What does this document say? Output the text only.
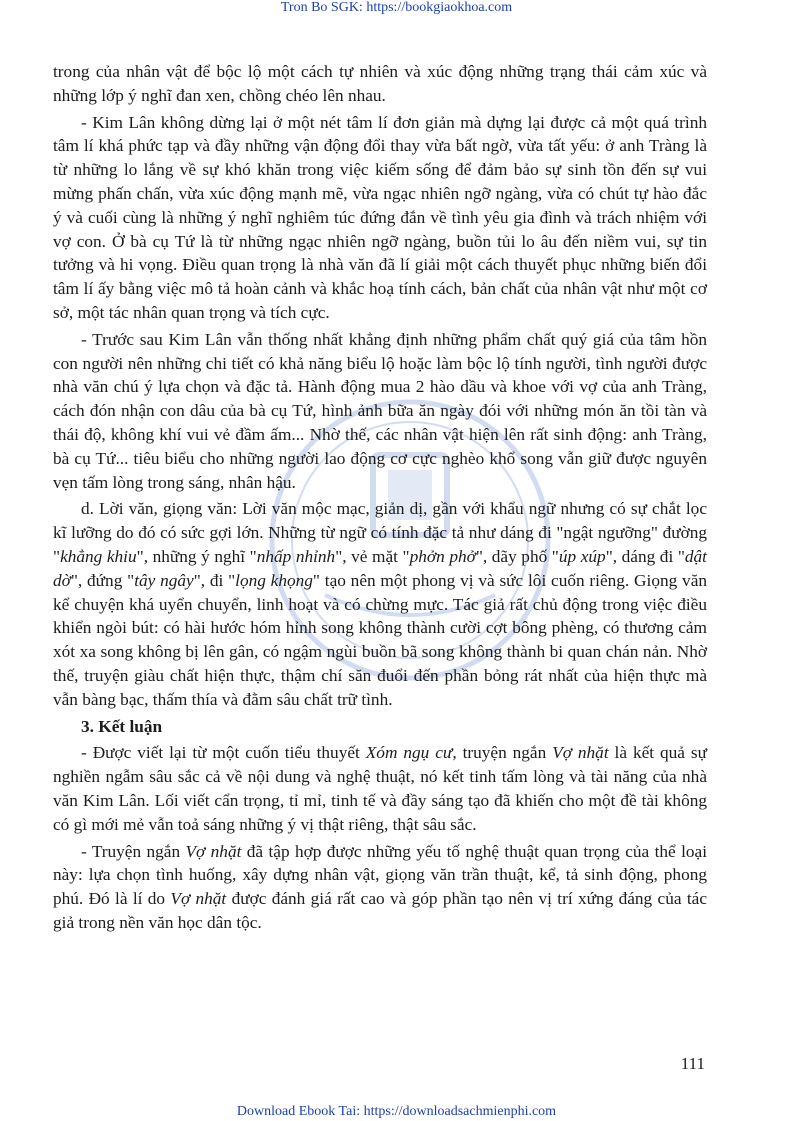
Tron Bo SGK: https://bookgiaokhoa.com

trong của nhân vật để bộc lộ một cách tự nhiên và xúc động những trạng thái cảm xúc và những lớp ý nghĩ đan xen, chồng chéo lên nhau.

- Kim Lân không dừng lại ở một nét tâm lí đơn giản mà dựng lại được cả một quá trình tâm lí khá phức tạp và đầy những vận động đổi thay vừa bất ngờ, vừa tất yếu: ở anh Tràng là từ những lo lắng về sự khó khăn trong việc kiếm sống để đảm bảo sự sinh tồn đến sự vui mừng phấn chấn, vừa xúc động mạnh mẽ, vừa ngạc nhiên ngỡ ngàng, vừa có chút tự hào đắc ý và cuối cùng là những ý nghĩ nghiêm túc đứng đắn về tình yêu gia đình và trách nhiệm với vợ con. Ở bà cụ Tứ là từ những ngạc nhiên ngỡ ngàng, buồn tủi lo âu đến niềm vui, sự tin tưởng và hi vọng. Điều quan trọng là nhà văn đã lí giải một cách thuyết phục những biến đổi tâm lí ấy bằng việc mô tả hoàn cảnh và khắc hoạ tính cách, bản chất của nhân vật như một cơ sở, một tác nhân quan trọng và tích cực.

- Trước sau Kim Lân vẫn thống nhất khẳng định những phẩm chất quý giá của tâm hồn con người nên những chi tiết có khả năng biểu lộ hoặc làm bộc lộ tính người, tình người được nhà văn chú ý lựa chọn và đặc tả. Hành động mua 2 hào dầu và khoe với vợ của anh Tràng, cách đón nhận con dâu của bà cụ Tứ, hình ảnh bữa ăn ngày đói với những món ăn tồi tàn và thái độ, không khí vui vẻ đầm ấm... Nhờ thế, các nhân vật hiện lên rất sinh động: anh Tràng, bà cụ Tứ... tiêu biểu cho những người lao động cơ cực nghèo khổ song vẫn giữ được nguyên vẹn tấm lòng trong sáng, nhân hậu.

d. Lời văn, giọng văn: Lời văn mộc mạc, giản dị, gần với khẩu ngữ nhưng có sự chắt lọc kĩ lưỡng do đó có sức gợi lớn. Những từ ngữ có tính đặc tả như dáng đi "ngật ngưỡng" đường "khẳng khiu", những ý nghĩ "nhấp nhỉnh", vẻ mặt "phởn phở", dãy phố "úp xúp", dáng đi "dật dờ", đứng "tây ngây", đi "lọng khọng" tạo nên một phong vị và sức lôi cuốn riêng. Giọng văn kể chuyện khá uyển chuyển, linh hoạt và có chừng mực. Tác giả rất chủ động trong việc điều khiển ngòi bút: có hài hước hóm hỉnh song không thành cười cợt bông phèng, có thương cảm xót xa song không bị lên gân, có ngậm ngùi buồn bã song không thành bi quan chán nản. Nhờ thế, truyện giàu chất hiện thực, thậm chí săn đuổi đến phần bỏng rát nhất của hiện thực mà vẫn bàng bạc, thấm thía và đằm sâu chất trữ tình.

3. Kết luận

- Được viết lại từ một cuốn tiểu thuyết Xóm ngụ cư, truyện ngắn Vợ nhặt là kết quả sự nghiền ngẫm sâu sắc cả về nội dung và nghệ thuật, nó kết tinh tấm lòng và tài năng của nhà văn Kim Lân. Lối viết cẩn trọng, tỉ mỉ, tinh tế và đầy sáng tạo đã khiến cho một đề tài không có gì mới mẻ vẫn toả sáng những ý vị thật riêng, thật sâu sắc.

- Truyện ngắn Vợ nhặt đã tập hợp được những yếu tố nghệ thuật quan trọng của thể loại này: lựa chọn tình huống, xây dựng nhân vật, giọng văn trần thuật, kể, tả sinh động, phong phú. Đó là lí do Vợ nhặt được đánh giá rất cao và góp phần tạo nên vị trí xứng đáng của tác giả trong nền văn học dân tộc.

111
Download Ebook Tai: https://downloadsachmienphi.com
